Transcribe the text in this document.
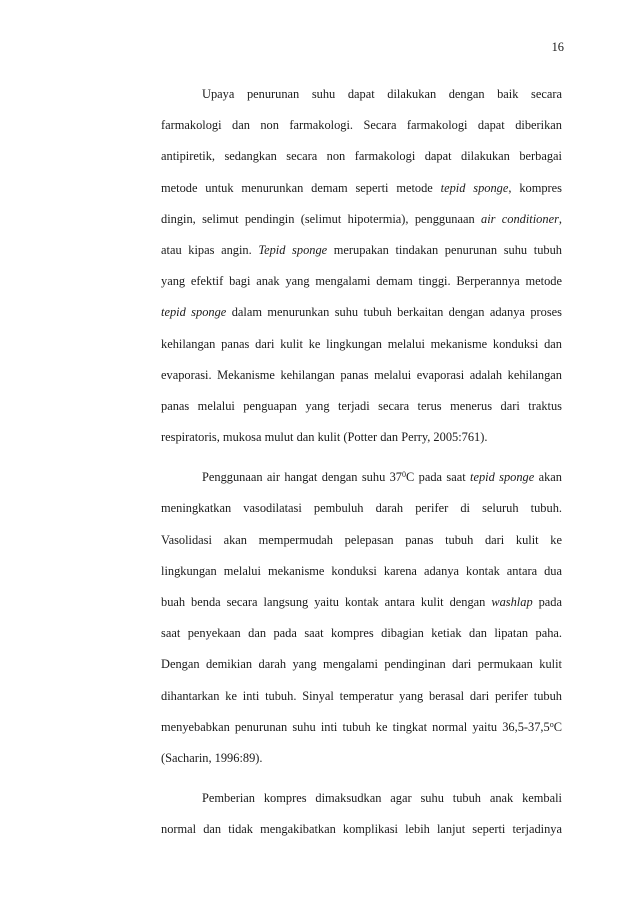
16
Upaya penurunan suhu dapat dilakukan dengan baik secara
farmakologi dan non farmakologi. Secara farmakologi dapat diberikan
antipiretik, sedangkan secara non farmakologi dapat dilakukan berbagai
metode untuk menurunkan demam seperti metode tepid sponge, kompres
dingin, selimut pendingin (selimut hipotermia), penggunaan air conditioner,
atau kipas angin. Tepid sponge merupakan tindakan penurunan suhu tubuh
yang efektif bagi anak yang mengalami demam tinggi. Berperannya metode
tepid sponge dalam menurunkan suhu tubuh berkaitan dengan adanya proses
kehilangan panas dari kulit ke lingkungan melalui mekanisme konduksi dan
evaporasi. Mekanisme kehilangan panas melalui evaporasi adalah kehilangan
panas melalui penguapan yang terjadi secara terus menerus dari traktus
respiratoris, mukosa mulut dan kulit (Potter dan Perry, 2005:761).
Penggunaan air hangat dengan suhu $37^0C$ pada saat tepid sponge akan
meningkatkan vasodilatasi pembuluh darah perifer di seluruh tubuh.
Vasolidasi akan mempermudah pelepasan panas tubuh dari kulit ke
lingkungan melalui mekanisme konduksi karena adanya kontak antara dua
buah benda secara langsung yaitu kontak antara kulit dengan washlap pada
saat penyekaan dan pada saat kompres dibagian ketiak dan lipatan paha.
Dengan demikian darah yang mengalami pendinginan dari permukaan kulit
dihantarkan ke inti tubuh. Sinyal temperatur yang berasal dari perifer tubuh
menyebabkan penurunan suhu inti tubuh ke tingkat normal yaitu 36,5-37,5$^o$C
(Sacharin, 1996:89).
Pemberian kompres dimaksudkan agar suhu tubuh anak kembali
normal dan tidak mengakibatkan komplikasi lebih lanjut seperti terjadinya
